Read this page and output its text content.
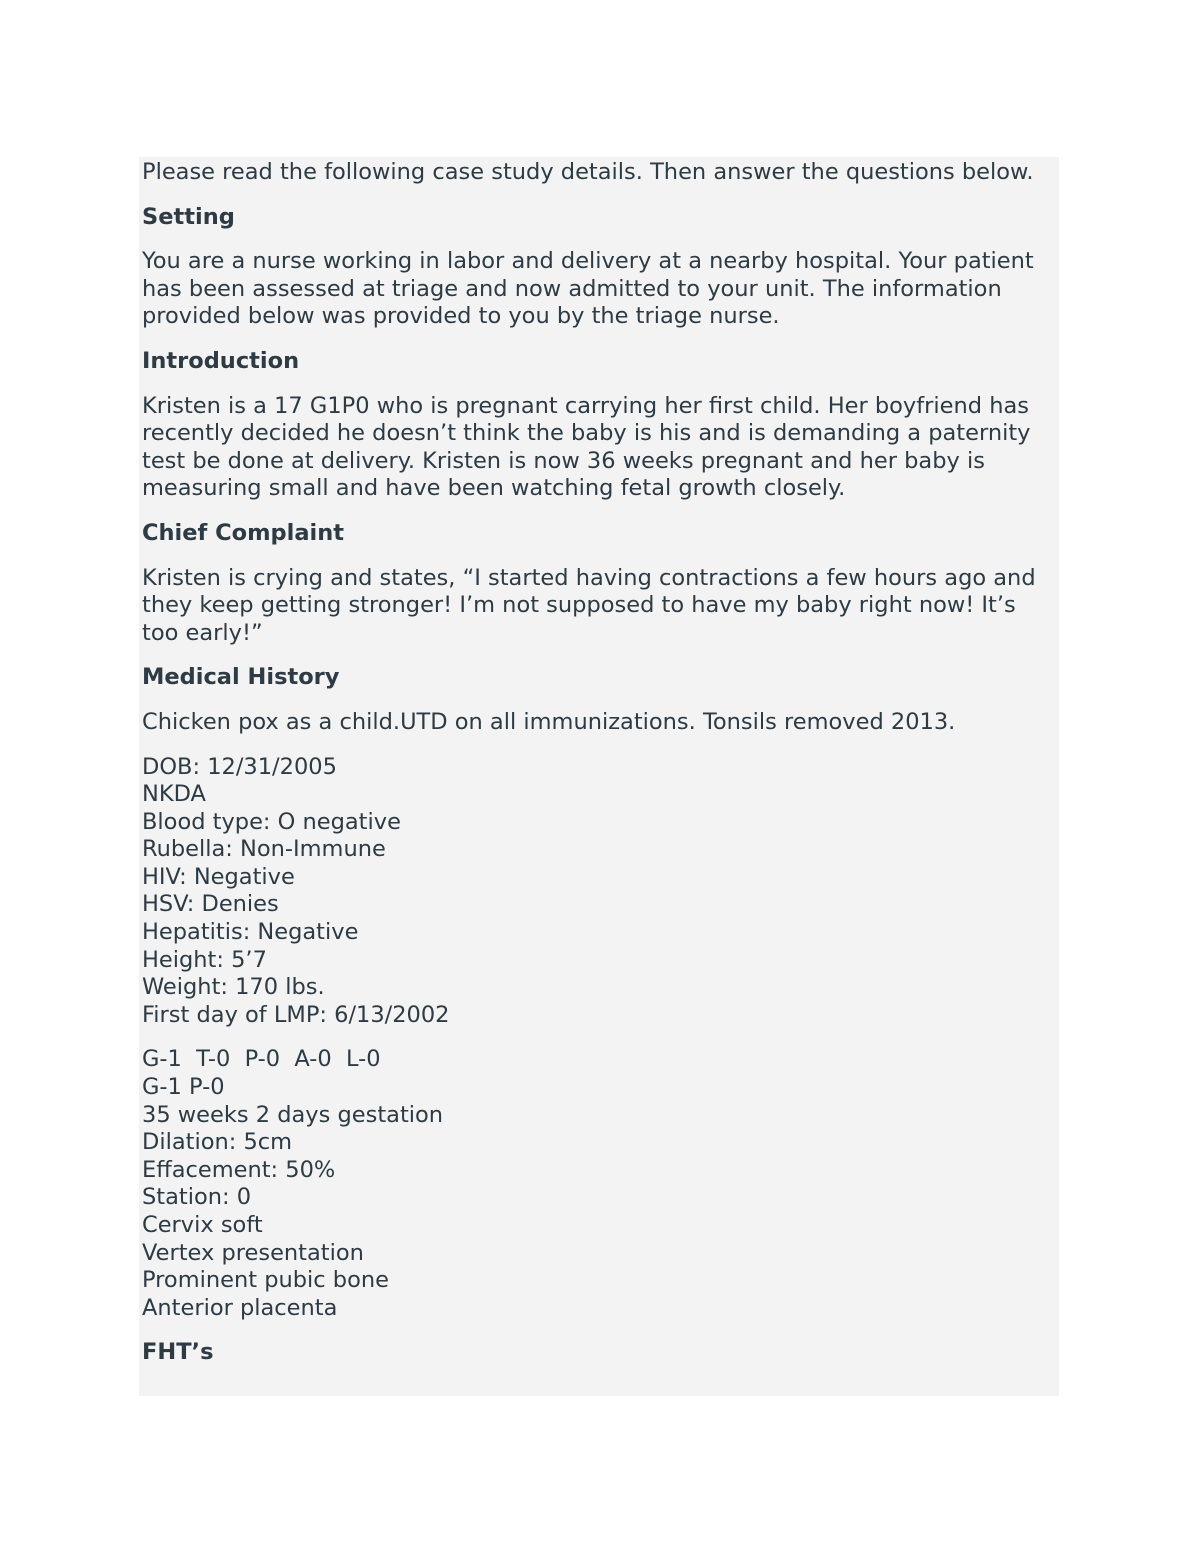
Please read the following case study details. Then answer the questions below.

Setting

You are a nurse working in labor and delivery at a nearby hospital. Your patient has been assessed at triage and now admitted to your unit. The information provided below was provided to you by the triage nurse.

Introduction

Kristen is a 17 G1P0 who is pregnant carrying her first child. Her boyfriend has recently decided he doesn’t think the baby is his and is demanding a paternity test be done at delivery. Kristen is now 36 weeks pregnant and her baby is measuring small and have been watching fetal growth closely.

Chief Complaint

Kristen is crying and states, “I started having contractions a few hours ago and they keep getting stronger! I’m not supposed to have my baby right now! It’s too early!”

Medical History

Chicken pox as a child.UTD on all immunizations. Tonsils removed 2013.

DOB: 12/31/2005
NKDA
Blood type: O negative
Rubella: Non-Immune
HIV: Negative
HSV: Denies
Hepatitis: Negative
Height: 5’7
Weight: 170 lbs.
First day of LMP: 6/13/2002
G-1  T-0  P-0  A-0  L-0
G-1 P-0
35 weeks 2 days gestation
Dilation: 5cm
Effacement: 50%
Station: 0
Cervix soft
Vertex presentation
Prominent pubic bone
Anterior placenta
FHT’s
